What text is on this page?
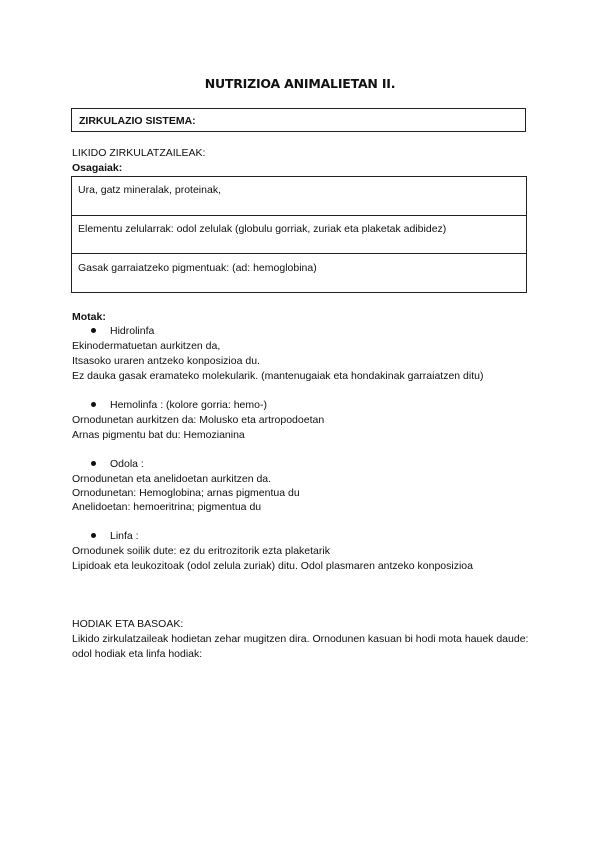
NUTRIZIOA ANIMALIETAN II.
ZIRKULAZIO SISTEMA:
LIKIDO ZIRKULATZAILEAK:
Osagaiak:
Ura, gatz mineralak, proteinak,
Elementu zelularrak: odol zelulak (globulu gorriak, zuriak eta plaketak adibidez)
Gasak garraiatzeko pigmentuak: (ad: hemoglobina)
Motak:
Hidrolinfa
Ekinodermatuetan aurkitzen da,
Itsasoko uraren antzeko konposizioa du.
Ez dauka gasak eramateko molekularik. (mantenugaiak eta hondakinak garraiatzen ditu)
Hemolinfa : (kolore gorria: hemo-)
Ornodunetan aurkitzen da: Molusko eta artropodoetan
Arnas pigmentu bat du: Hemozianina
Odola :
Ornodunetan eta anelidoetan aurkitzen da.
Ornodunetan: Hemoglobina; arnas pigmentua du
Anelidoetan: hemoeritrina; pigmentua du
Linfa :
Ornodunek soilik dute: ez du eritrozitorik ezta plaketarik
Lipidoak eta leukozitoak (odol zelula zuriak) ditu. Odol plasmaren antzeko konposizioa
HODIAK ETA BASOAK:
Likido zirkulatzaileak hodietan zehar mugitzen dira. Ornodunen kasuan bi hodi mota hauek daude: odol hodiak eta linfa hodiak:
